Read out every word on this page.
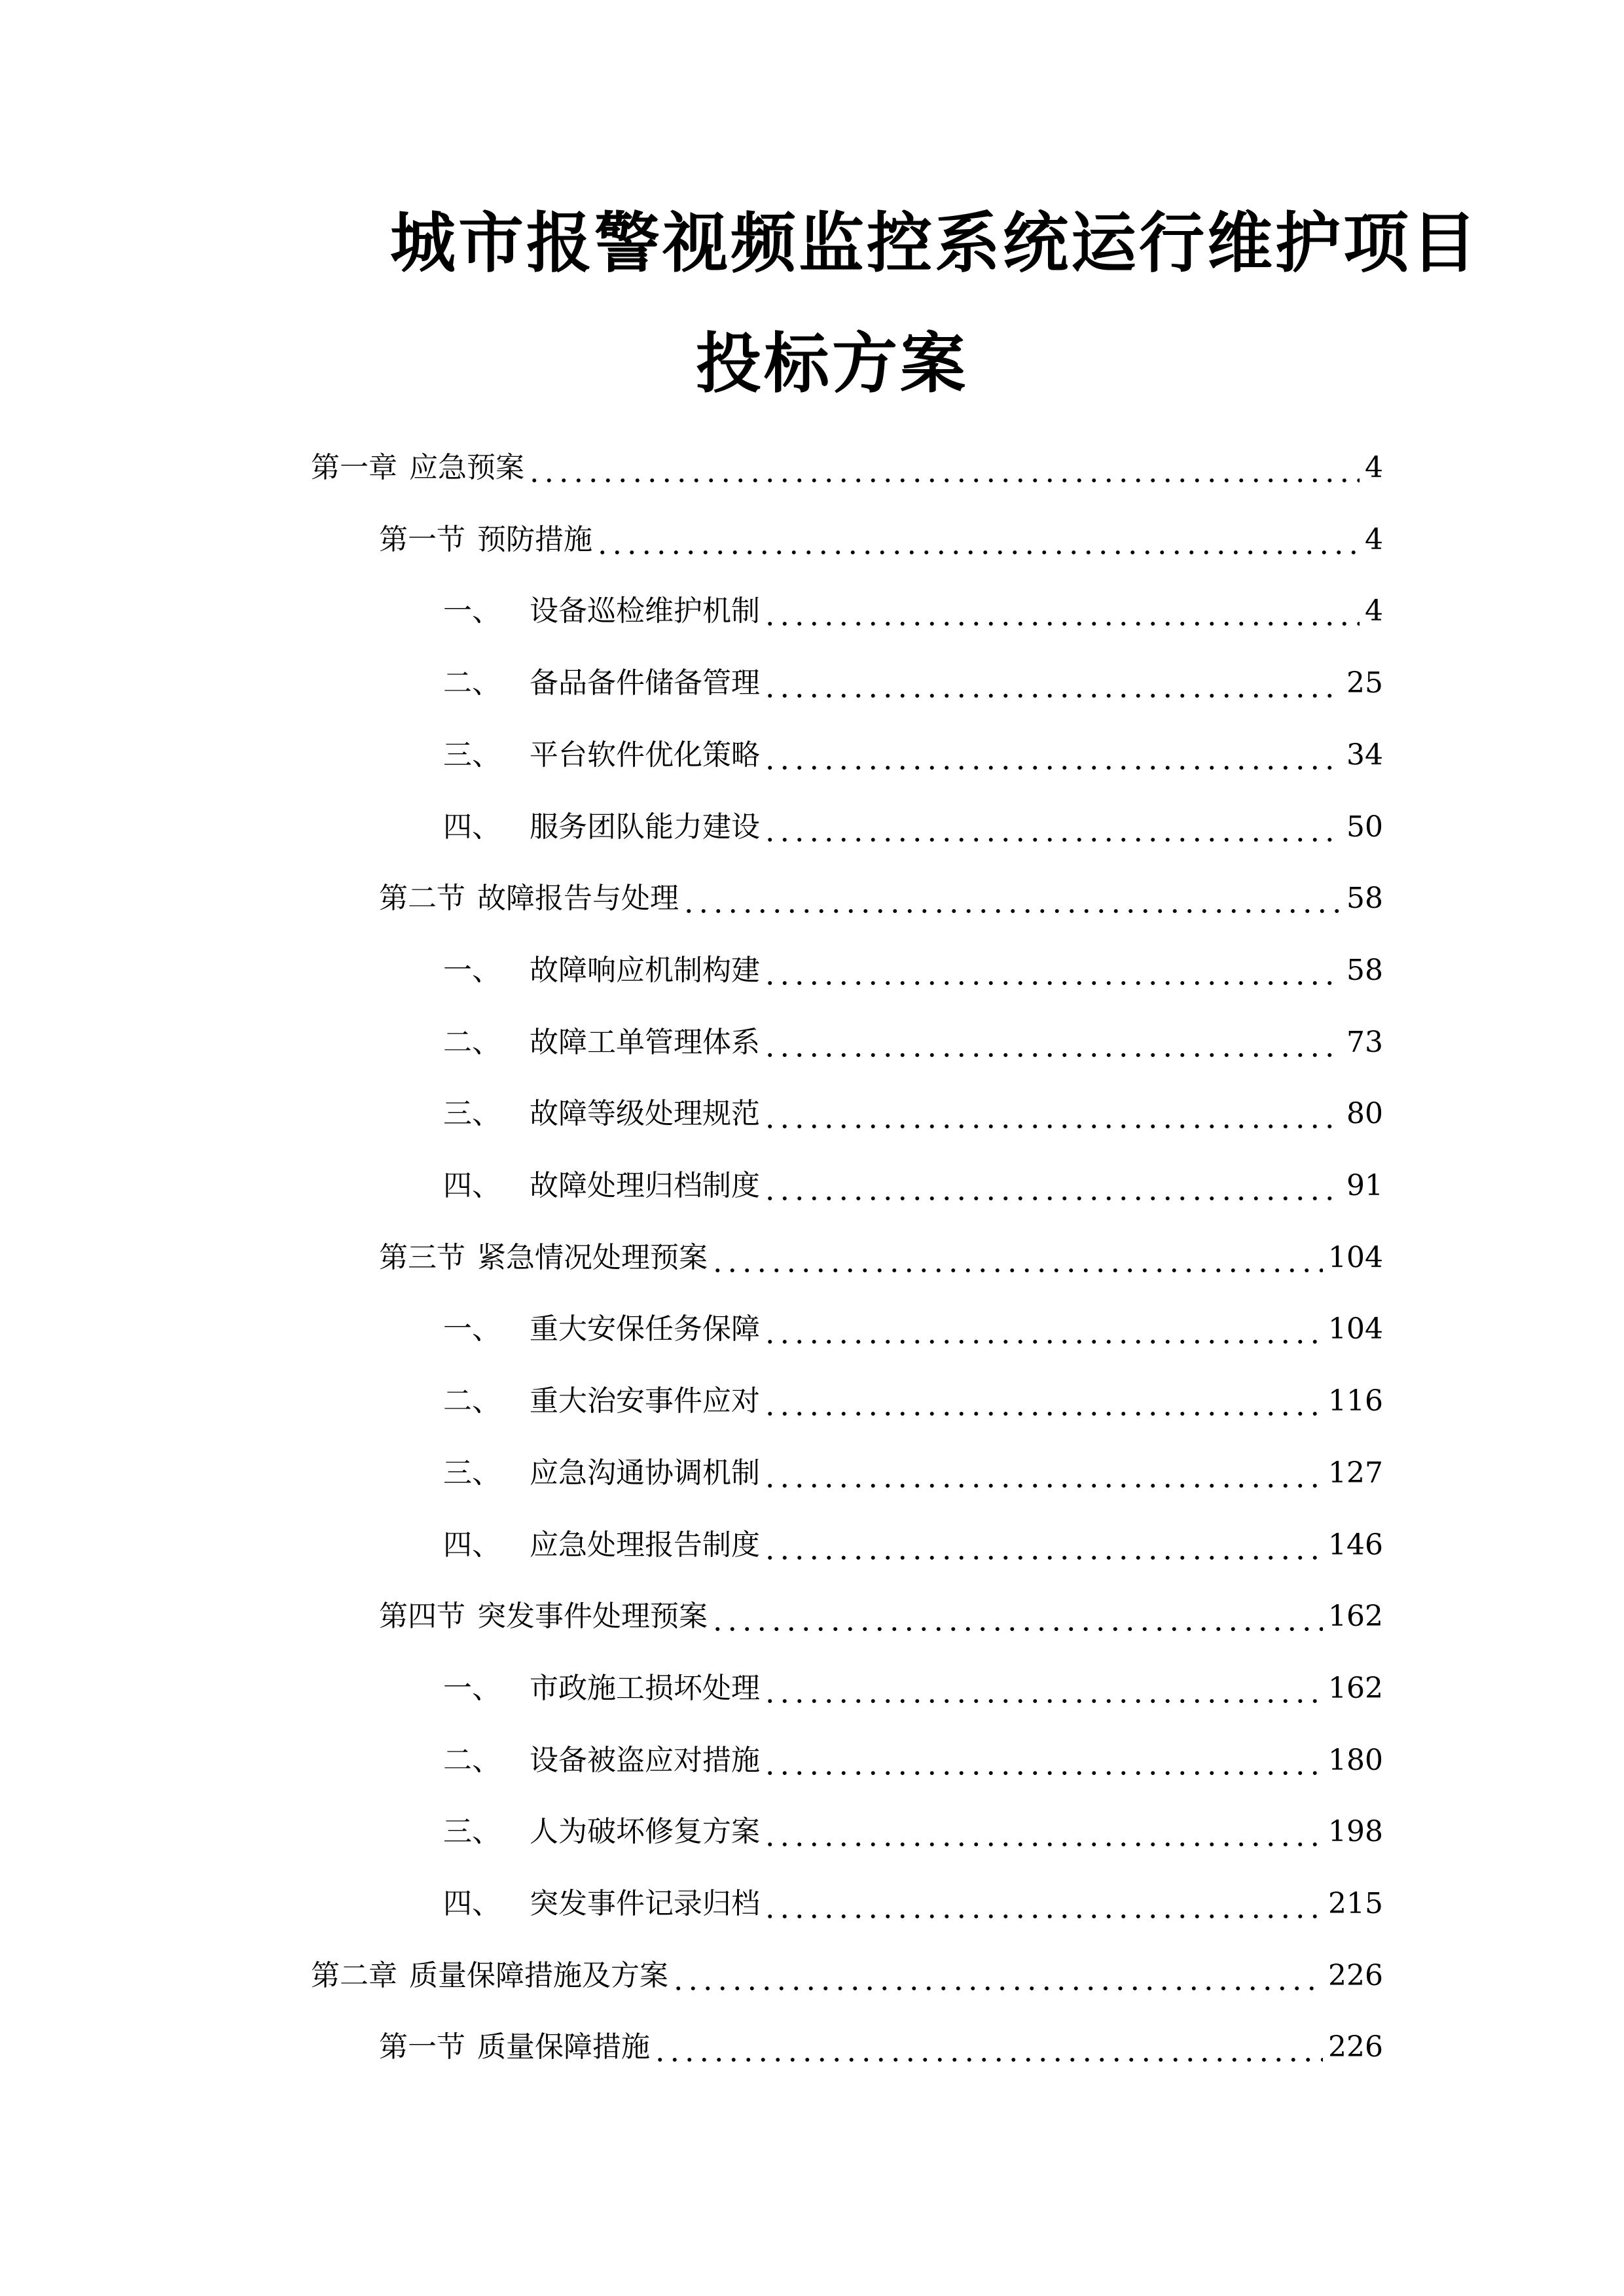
城市报警视频监控系统运行维护项目
投标方案
第一章 应急预案	4
第一节 预防措施	4
一、	设备巡检维护机制	4
二、	备品备件储备管理	25
三、	平台软件优化策略	34
四、	服务团队能力建设	50
第二节 故障报告与处理	58
一、	故障响应机制构建	58
二、	故障工单管理体系	73
三、	故障等级处理规范	80
四、	故障处理归档制度	91
第三节 紧急情况处理预案	104
一、	重大安保任务保障	104
二、	重大治安事件应对	116
三、	应急沟通协调机制	127
四、	应急处理报告制度	146
第四节 突发事件处理预案	162
一、	市政施工损坏处理	162
二、	设备被盗应对措施	180
三、	人为破坏修复方案	198
四、	突发事件记录归档	215
第二章 质量保障措施及方案	226
第一节 质量保障措施	226
